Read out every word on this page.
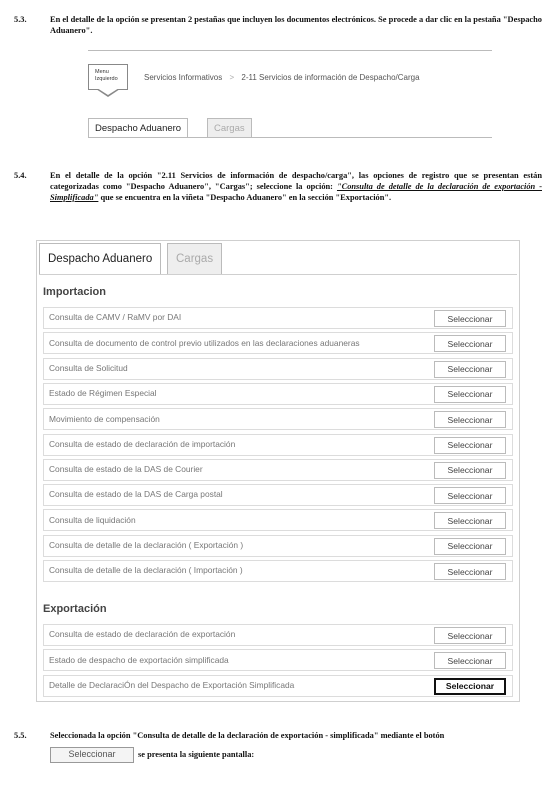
5.3.	En el detalle de la opción se presentan 2 pestañas que incluyen los documentos electrónicos. Se procede a dar clic en la pestaña "Despacho Aduanero".
Menu
Izquierdo	Servicios Informativos > 2-11 Servicios de información de Despacho/Carga
Despacho Aduanero	Cargas
5.4.	En el detalle de la opción "2.11 Servicios de información de despacho/carga", las opciones de registro que se presentan están categorizadas como "Despacho Aduanero", "Cargas"; seleccione la opción: "Consulta de detalle de la declaración de exportación - Simplificada" que se encuentra en la viñeta "Despacho Aduanero" en la sección "Exportación".
Despacho Aduanero	Cargas
Importacion
Consulta de CAMV / RaMV por DAI	Seleccionar
Consulta de documento de control previo utilizados en las declaraciones aduaneras	Seleccionar
Consulta de Solicitud	Seleccionar
Estado de Régimen Especial	Seleccionar
Movimiento de compensación	Seleccionar
Consulta de estado de declaración de importación	Seleccionar
Consulta de estado de la DAS de Courier	Seleccionar
Consulta de estado de la DAS de Carga postal	Seleccionar
Consulta de liquidación	Seleccionar
Consulta de detalle de la declaración ( Exportación )	Seleccionar
Consulta de detalle de la declaración ( Importación )	Seleccionar
Exportación
Consulta de estado de declaración de exportación	Seleccionar
Estado de despacho de exportación simplificada	Seleccionar
Detalle de DeclaraciÓn del Despacho de Exportación Simplificada	Seleccionar
5.5.	Seleccionada la opción "Consulta de detalle de la declaración de exportación - simplificada" mediante el botón
Seleccionar	se presenta la siguiente pantalla:
